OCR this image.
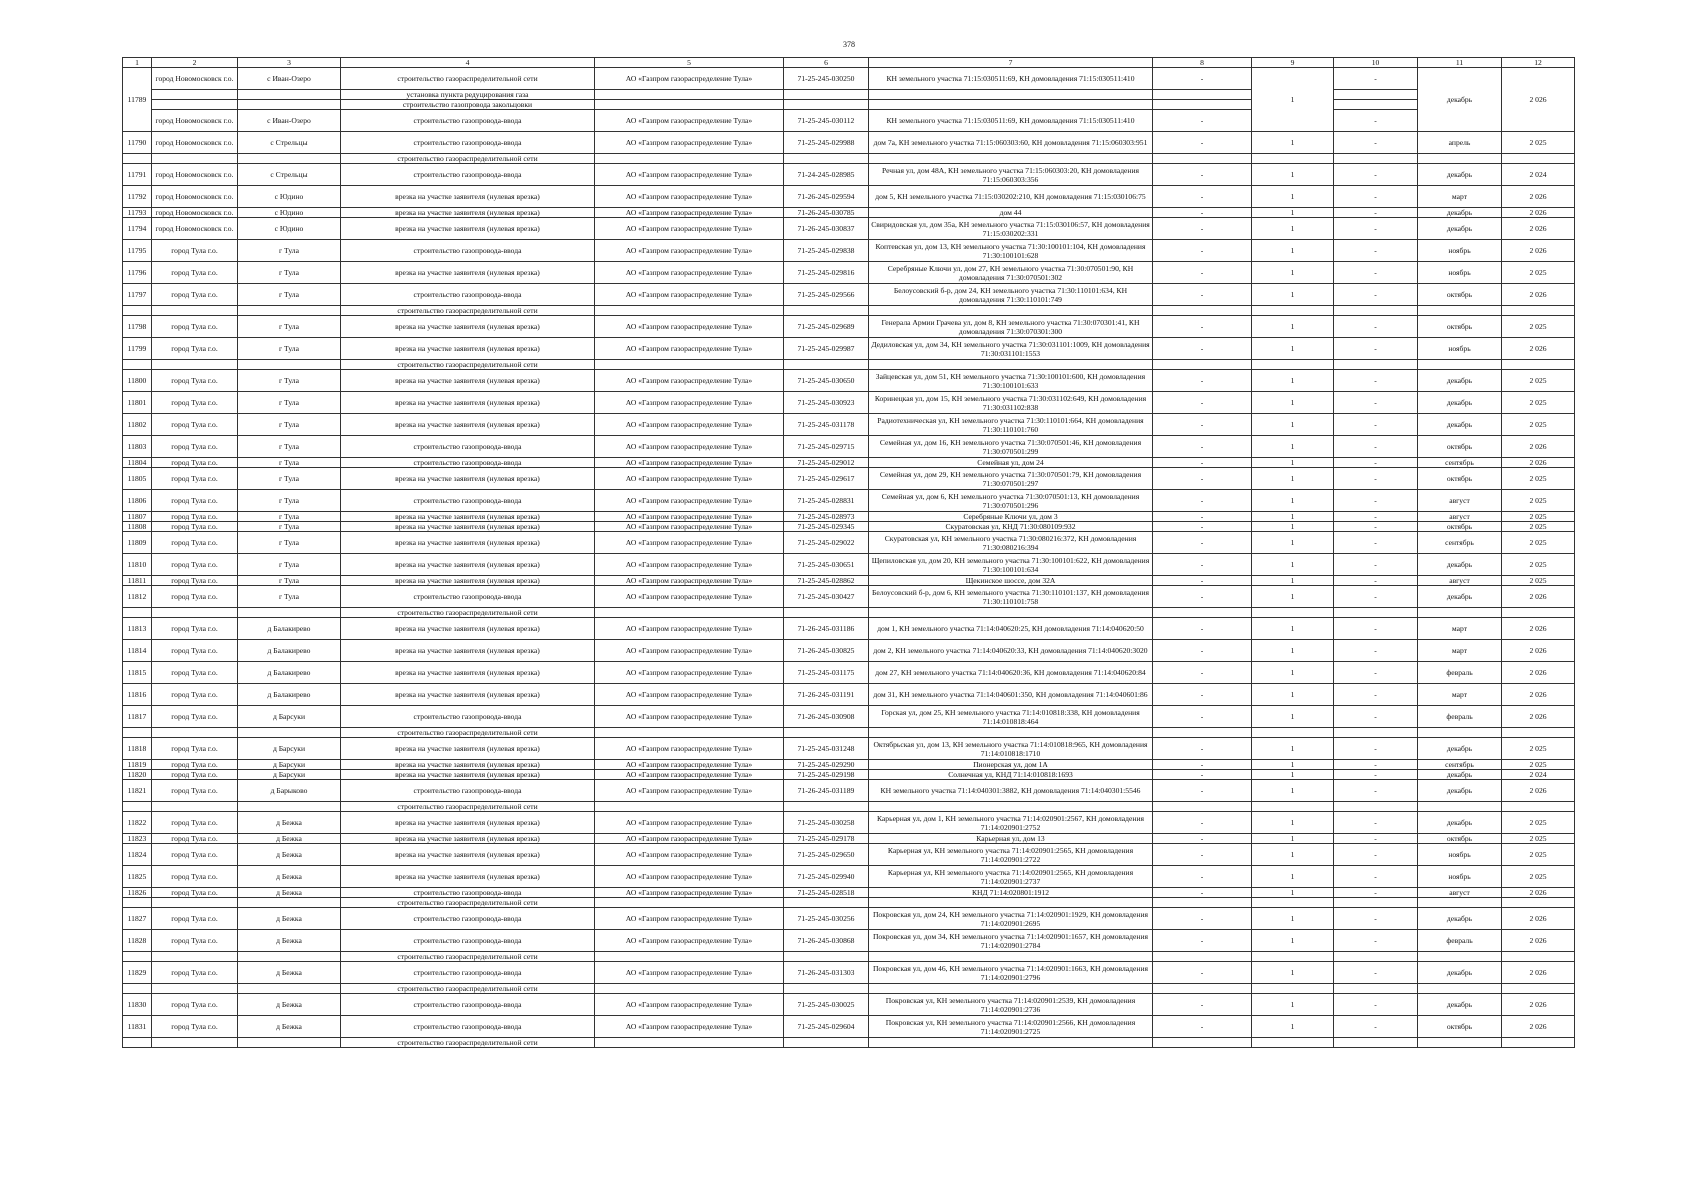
378
1	2	3	4	5	6	7	8	9	10	11	12
11789	город Новомосковск г.о.	с Иван-Озеро	строительство газораспределительной сети	АО «Газпром газораспределение Тула»	71-25-245-030250	КН земельного участка 71:15:030511:69, КН домовладения 71:15:030511:410	-	1	-	декабрь	2 026
			установка пункта редуцирования газа								
			строительство газопровода закольцовки								
	город Новомосковск г.о.	с Иван-Озеро	строительство газопровода-ввода	АО «Газпром газораспределение Тула»	71-25-245-030112	КН земельного участка 71:15:030511:69, КН домовладения 71:15:030511:410	-		-		
11790	город Новомосковск г.о.	с Стрельцы	строительство газопровода-ввода	АО «Газпром газораспределение Тула»	71-25-245-029988	дом 7а, КН земельного участка 71:15:060303:60, КН домовладения 71:15:060303:951	-	1	-	апрель	2 025
			строительство газораспределительной сети								
11791	город Новомосковск г.о.	с Стрельцы	строительство газопровода-ввода	АО «Газпром газораспределение Тула»	71-24-245-028985	Речная ул, дом 48А, КН земельного участка 71:15:060303:20, КН домовладения 71:15:060303:356	-	1	-	декабрь	2 024
11792	город Новомосковск г.о.	с Юдино	врезка на участке заявителя (нулевая врезка)	АО «Газпром газораспределение Тула»	71-26-245-029594	дом 5, КН земельного участка 71:15:030202:210, КН домовладения 71:15:030106:75	-	1	-	март	2 026
11793	город Новомосковск г.о.	с Юдино	врезка на участке заявителя (нулевая врезка)	АО «Газпром газораспределение Тула»	71-26-245-030785	дом 44	-	1	-	декабрь	2 026
11794	город Новомосковск г.о.	с Юдино	врезка на участке заявителя (нулевая врезка)	АО «Газпром газораспределение Тула»	71-26-245-030837	Свиридовская ул, дом 35а, КН земельного участка 71:15:030106:57, КН домовладения 71:15:030202:331	-	1	-	декабрь	2 026
11795	город Тула г.о.	г Тула	строительство газопровода-ввода	АО «Газпром газораспределение Тула»	71-25-245-029838	Коптевская ул, дом 13, КН земельного участка 71:30:100101:104, КН домовладения 71:30:100101:628	-	1	-	ноябрь	2 026
11796	город Тула г.о.	г Тула	врезка на участке заявителя (нулевая врезка)	АО «Газпром газораспределение Тула»	71-25-245-029816	Серебряные Ключи ул, дом 27, КН земельного участка 71:30:070501:90, КН домовладения 71:30:070501:302	-	1	-	ноябрь	2 025
11797	город Тула г.о.	г Тула	строительство газопровода-ввода	АО «Газпром газораспределение Тула»	71-25-245-029566	Белоусовский б-р, дом 24, КН земельного участка 71:30:110101:634, КН домовладения 71:30:110101:749	-	1	-	октябрь	2 026
			строительство газораспределительной сети								
11798	город Тула г.о.	г Тула	врезка на участке заявителя (нулевая врезка)	АО «Газпром газораспределение Тула»	71-25-245-029689	Генерала Армии Грачева ул, дом 8, КН земельного участка 71:30:070301:41, КН домовладения 71:30:070301:300	-	1	-	октябрь	2 025
11799	город Тула г.о.	г Тула	врезка на участке заявителя (нулевая врезка)	АО «Газпром газораспределение Тула»	71-25-245-029987	Дедиловская ул, дом 34, КН земельного участка 71:30:031101:1009, КН домовладения 71:30:031101:1553	-	1	-	ноябрь	2 026
			строительство газораспределительной сети								
11800	город Тула г.о.	г Тула	врезка на участке заявителя (нулевая врезка)	АО «Газпром газораспределение Тула»	71-25-245-030650	Зайцевская ул, дом 51, КН земельного участка 71:30:100101:600, КН домовладения 71:30:100101:633	-	1	-	декабрь	2 025
11801	город Тула г.о.	г Тула	врезка на участке заявителя (нулевая врезка)	АО «Газпром газораспределение Тула»	71-25-245-030923	Коринецкая ул, дом 15, КН земельного участка 71:30:031102:649, КН домовладения 71:30:031102:838	-	1	-	декабрь	2 025
11802	город Тула г.о.	г Тула	врезка на участке заявителя (нулевая врезка)	АО «Газпром газораспределение Тула»	71-25-245-031178	Радиотехническая ул, КН земельного участка 71:30:110101:664, КН домовладения 71:30:110101:760	-	1	-	декабрь	2 025
11803	город Тула г.о.	г Тула	строительство газопровода-ввода	АО «Газпром газораспределение Тула»	71-25-245-029715	Семейная ул, дом 16, КН земельного участка 71:30:070501:46, КН домовладения 71:30:070501:299	-	1	-	октябрь	2 026
11804	город Тула г.о.	г Тула	строительство газопровода-ввода	АО «Газпром газораспределение Тула»	71-25-245-029012	Семейная ул, дом 24	-	1	-	сентябрь	2 026
11805	город Тула г.о.	г Тула	врезка на участке заявителя (нулевая врезка)	АО «Газпром газораспределение Тула»	71-25-245-029617	Семейная ул, дом 29, КН земельного участка 71:30:070501:79, КН домовладения 71:30:070501:297	-	1	-	октябрь	2 025
11806	город Тула г.о.	г Тула	строительство газопровода-ввода	АО «Газпром газораспределение Тула»	71-25-245-028831	Семейная ул, дом 6, КН земельного участка 71:30:070501:13, КН домовладения 71:30:070501:296	-	1	-	август	2 025
11807	город Тула г.о.	г Тула	врезка на участке заявителя (нулевая врезка)	АО «Газпром газораспределение Тула»	71-25-245-028973	Серебряные Ключи ул, дом 3	-	1	-	август	2 025
11808	город Тула г.о.	г Тула	врезка на участке заявителя (нулевая врезка)	АО «Газпром газораспределение Тула»	71-25-245-029345	Скуратовская ул, КНД 71:30:080109:932	-	1	-	октябрь	2 025
11809	город Тула г.о.	г Тула	врезка на участке заявителя (нулевая врезка)	АО «Газпром газораспределение Тула»	71-25-245-029022	Скуратовская ул, КН земельного участка 71:30:080216:372, КН домовладения 71:30:080216:394	-	1	-	сентябрь	2 025
11810	город Тула г.о.	г Тула	врезка на участке заявителя (нулевая врезка)	АО «Газпром газораспределение Тула»	71-25-245-030651	Щепиловская ул, дом 20, КН земельного участка 71:30:100101:622, КН домовладения 71:30:100101:634	-	1	-	декабрь	2 025
11811	город Тула г.о.	г Тула	врезка на участке заявителя (нулевая врезка)	АО «Газпром газораспределение Тула»	71-25-245-028862	Щекинское шоссе, дом 32А	-	1	-	август	2 025
11812	город Тула г.о.	г Тула	строительство газопровода-ввода	АО «Газпром газораспределение Тула»	71-25-245-030427	Белоусовский б-р, дом 6, КН земельного участка 71:30:110101:137, КН домовладения 71:30:110101:758	-	1	-	декабрь	2 026
			строительство газораспределительной сети								
11813	город Тула г.о.	д Балакирево	врезка на участке заявителя (нулевая врезка)	АО «Газпром газораспределение Тула»	71-26-245-031186	дом 1, КН земельного участка 71:14:040620:25, КН домовладения 71:14:040620:50	-	1	-	март	2 026
11814	город Тула г.о.	д Балакирево	врезка на участке заявителя (нулевая врезка)	АО «Газпром газораспределение Тула»	71-26-245-030825	дом 2, КН земельного участка 71:14:040620:33, КН домовладения 71:14:040620:3020	-	1	-	март	2 026
11815	город Тула г.о.	д Балакирево	врезка на участке заявителя (нулевая врезка)	АО «Газпром газораспределение Тула»	71-25-245-031175	дом 27, КН земельного участка 71:14:040620:36, КН домовладения 71:14:040620:84	-	1	-	февраль	2 026
11816	город Тула г.о.	д Балакирево	врезка на участке заявителя (нулевая врезка)	АО «Газпром газораспределение Тула»	71-26-245-031191	дом 31, КН земельного участка 71:14:040601:350, КН домовладения 71:14:040601:86	-	1	-	март	2 026
11817	город Тула г.о.	д Барсуки	строительство газопровода-ввода	АО «Газпром газораспределение Тула»	71-26-245-030908	Горская ул, дом 25, КН земельного участка 71:14:010818:338, КН домовладения 71:14:010818:464	-	1	-	февраль	2 026
			строительство газораспределительной сети								
11818	город Тула г.о.	д Барсуки	врезка на участке заявителя (нулевая врезка)	АО «Газпром газораспределение Тула»	71-25-245-031248	Октябрьская ул, дом 13, КН земельного участка 71:14:010818:965, КН домовладения 71:14:010818:1710	-	1	-	декабрь	2 025
11819	город Тула г.о.	д Барсуки	врезка на участке заявителя (нулевая врезка)	АО «Газпром газораспределение Тула»	71-25-245-029290	Пионерская ул, дом 1А	-	1	-	сентябрь	2 025
11820	город Тула г.о.	д Барсуки	врезка на участке заявителя (нулевая врезка)	АО «Газпром газораспределение Тула»	71-25-245-029198	Солнечная ул, КНД 71:14:010818:1693	-	1	-	декабрь	2 024
11821	город Тула г.о.	д Барыково	строительство газопровода-ввода	АО «Газпром газораспределение Тула»	71-26-245-031189	КН земельного участка 71:14:040301:3882, КН домовладения 71:14:040301:5546	-	1	-	декабрь	2 026
			строительство газораспределительной сети								
11822	город Тула г.о.	д Бежка	врезка на участке заявителя (нулевая врезка)	АО «Газпром газораспределение Тула»	71-25-245-030258	Карьерная ул, дом 1, КН земельного участка 71:14:020901:2567, КН домовладения 71:14:020901:2752	-	1	-	декабрь	2 025
11823	город Тула г.о.	д Бежка	врезка на участке заявителя (нулевая врезка)	АО «Газпром газораспределение Тула»	71-25-245-029178	Карьерная ул, дом 13	-	1	-	октябрь	2 025
11824	город Тула г.о.	д Бежка	врезка на участке заявителя (нулевая врезка)	АО «Газпром газораспределение Тула»	71-25-245-029650	Карьерная ул, КН земельного участка 71:14:020901:2565, КН домовладения 71:14:020901:2722	-	1	-	ноябрь	2 025
11825	город Тула г.о.	д Бежка	врезка на участке заявителя (нулевая врезка)	АО «Газпром газораспределение Тула»	71-25-245-029940	Карьерная ул, КН земельного участка 71:14:020901:2565, КН домовладения 71:14:020901:2737	-	1	-	ноябрь	2 025
11826	город Тула г.о.	д Бежка	строительство газопровода-ввода	АО «Газпром газораспределение Тула»	71-25-245-028518	КНД 71:14:020801:1912	-	1	-	август	2 026
			строительство газораспределительной сети								
11827	город Тула г.о.	д Бежка	строительство газопровода-ввода	АО «Газпром газораспределение Тула»	71-25-245-030256	Покровская ул, дом 24, КН земельного участка 71:14:020901:1929, КН домовладения 71:14:020901:2695	-	1	-	декабрь	2 026
11828	город Тула г.о.	д Бежка	строительство газопровода-ввода	АО «Газпром газораспределение Тула»	71-26-245-030868	Покровская ул, дом 34, КН земельного участка 71:14:020901:1657, КН домовладения 71:14:020901:2784	-	1	-	февраль	2 026
			строительство газораспределительной сети								
11829	город Тула г.о.	д Бежка	строительство газопровода-ввода	АО «Газпром газораспределение Тула»	71-26-245-031303	Покровская ул, дом 46, КН земельного участка 71:14:020901:1663, КН домовладения 71:14:020901:2796	-	1	-	декабрь	2 026
			строительство газораспределительной сети								
11830	город Тула г.о.	д Бежка	строительство газопровода-ввода	АО «Газпром газораспределение Тула»	71-25-245-030025	Покровская ул, КН земельного участка 71:14:020901:2539, КН домовладения 71:14:020901:2736	-	1	-	декабрь	2 026
11831	город Тула г.о.	д Бежка	строительство газопровода-ввода	АО «Газпром газораспределение Тула»	71-25-245-029604	Покровская ул, КН земельного участка 71:14:020901:2566, КН домовладения 71:14:020901:2725	-	1	-	октябрь	2 026
			строительство газораспределительной сети								
